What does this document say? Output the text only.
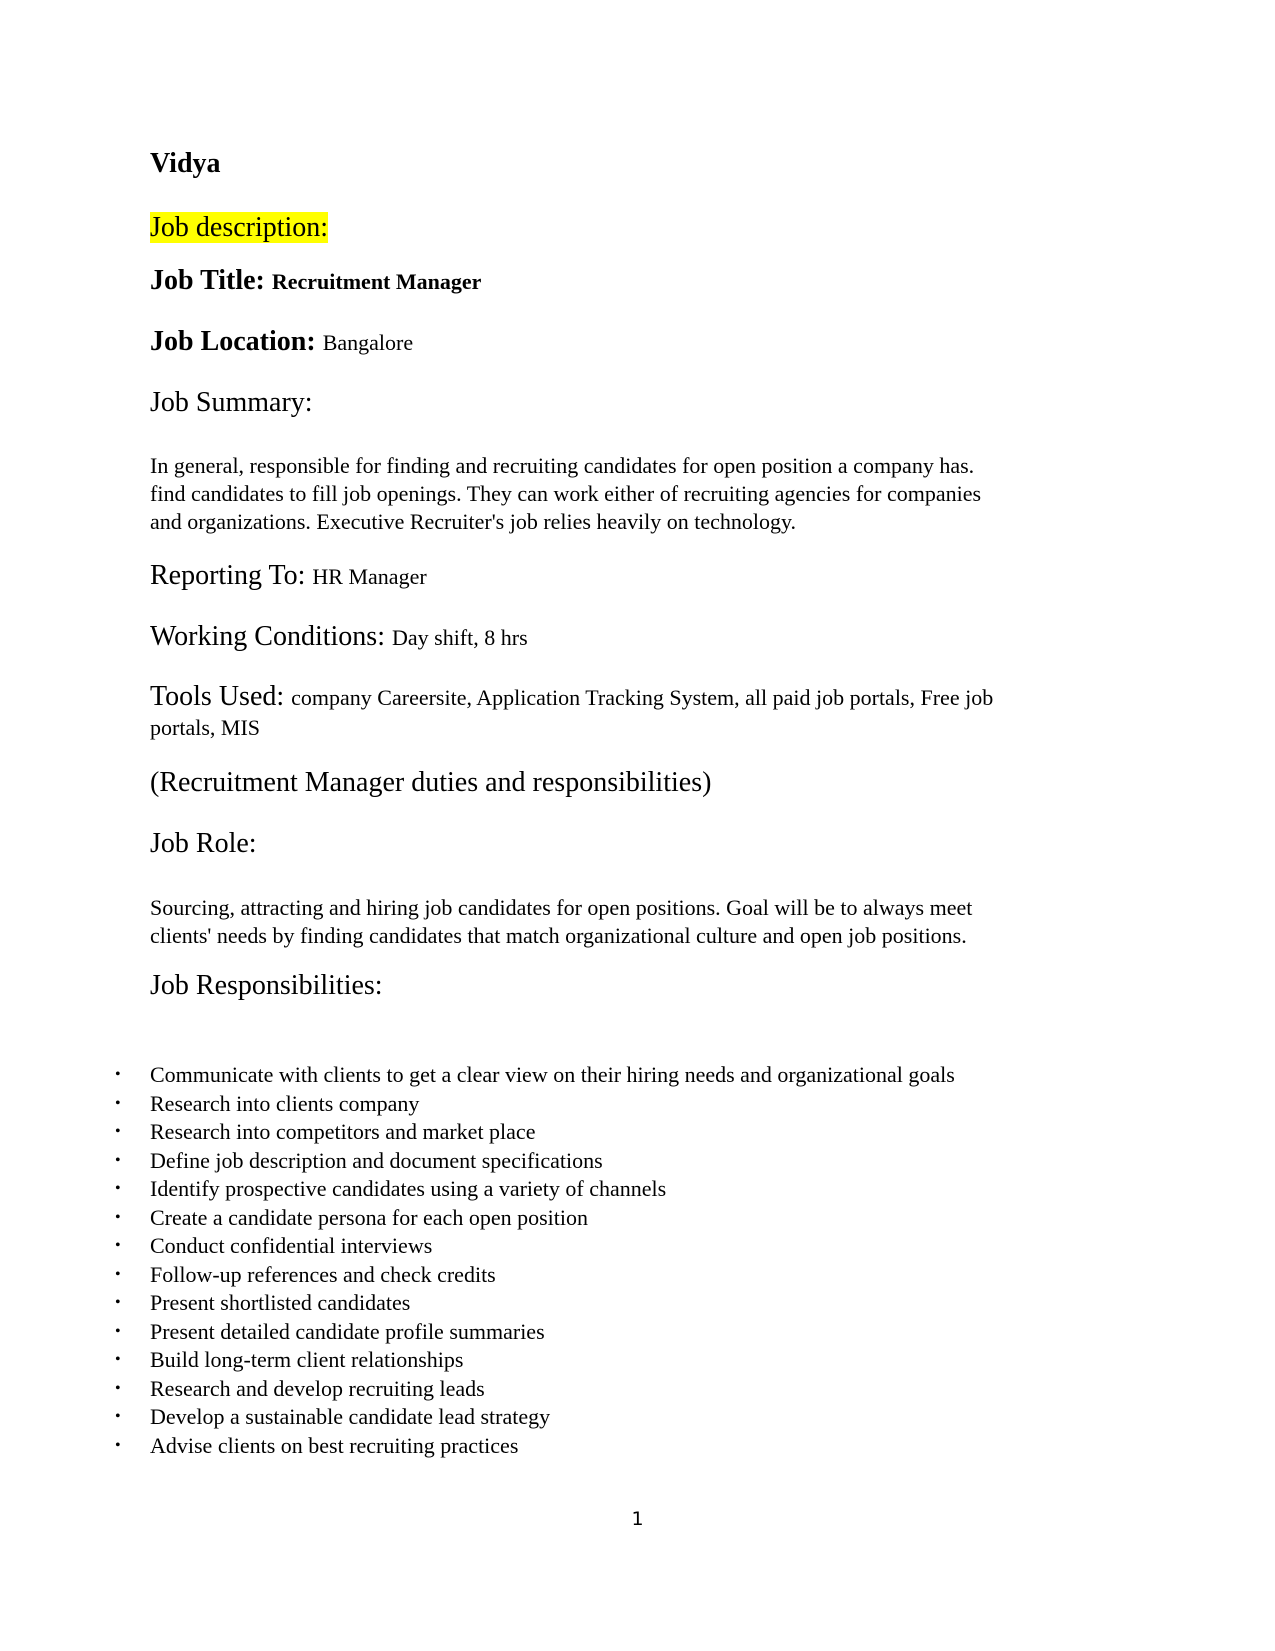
Vidya

Job description:

Job Title: Recruitment Manager

Job Location: Bangalore

Job Summary:

In general, responsible for finding and recruiting candidates for open position a company has.
find candidates to fill job openings. They can work either of recruiting agencies for companies
and organizations. Executive Recruiter's job relies heavily on technology.

Reporting To: HR Manager

Working Conditions: Day shift, 8 hrs

Tools Used: company Careersite, Application Tracking System, all paid job portals, Free job

portals, MIS

(Recruitment Manager duties and responsibilities)

Job Role:

Sourcing, attracting and hiring job candidates for open positions. Goal will be to always meet
clients' needs by finding candidates that match organizational culture and open job positions.

Job Responsibilities:

• Communicate with clients to get a clear view on their hiring needs and organizational goals
• Research into clients company
• Research into competitors and market place
• Define job description and document specifications
• Identify prospective candidates using a variety of channels
• Create a candidate persona for each open position
• Conduct confidential interviews
• Follow-up references and check credits
• Present shortlisted candidates
• Present detailed candidate profile summaries
• Build long-term client relationships
• Research and develop recruiting leads
• Develop a sustainable candidate lead strategy
• Advise clients on best recruiting practices
1
